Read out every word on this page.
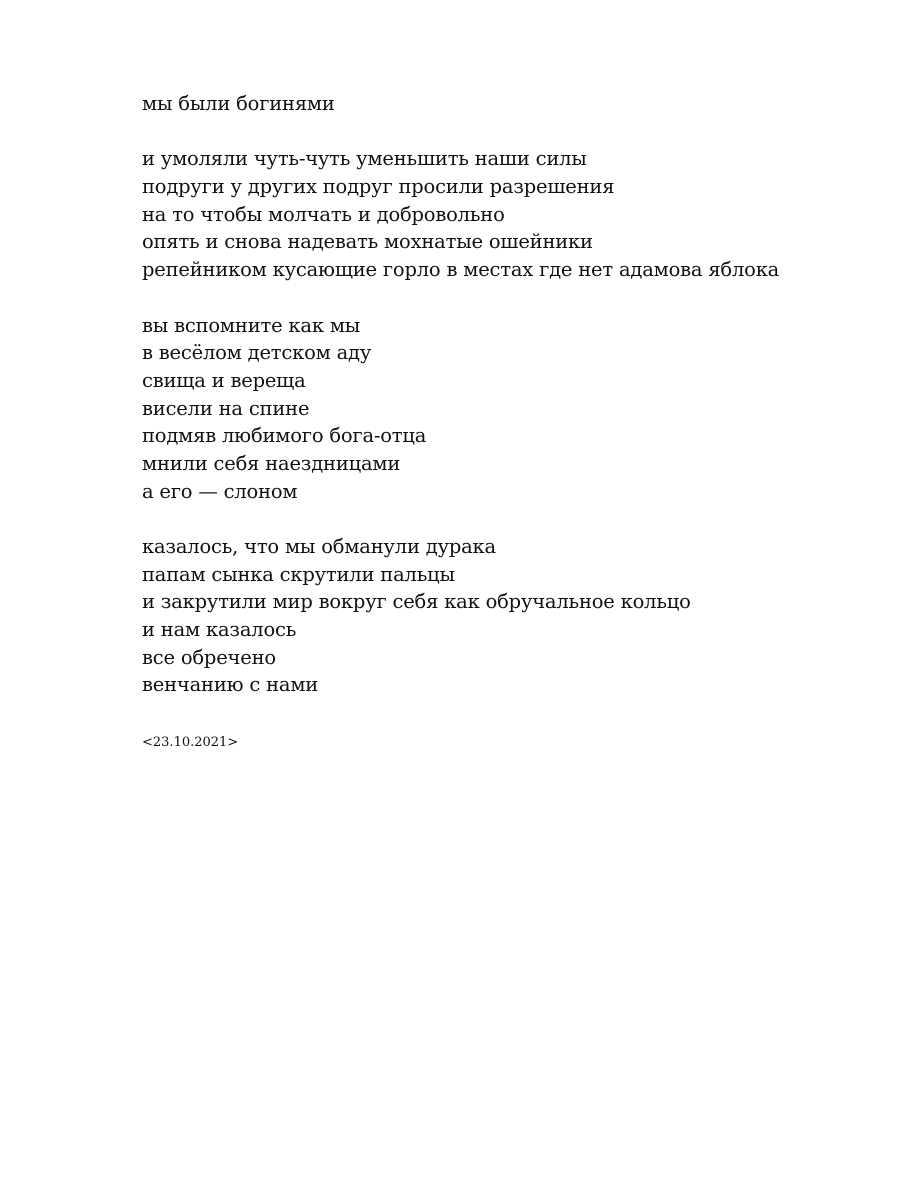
мы были богинями
и умоляли чуть-чуть уменьшить наши силы
подруги у других подруг просили разрешения
на то чтобы молчать и добровольно
опять и снова надевать мохнатые ошейники
репейником кусающие горло в местах где нет адамова яблока
вы вспомните как мы
в весёлом детском аду
свища и вереща
висели на спине
подмяв любимого бога-отца
мнили себя наездницами
а его — слоном
казалось, что мы обманули дурака
папам сынка скрутили пальцы
и закрутили мир вокруг себя как обручальное кольцо
и нам казалось
все обречено
венчанию с нами
<23.10.2021>
